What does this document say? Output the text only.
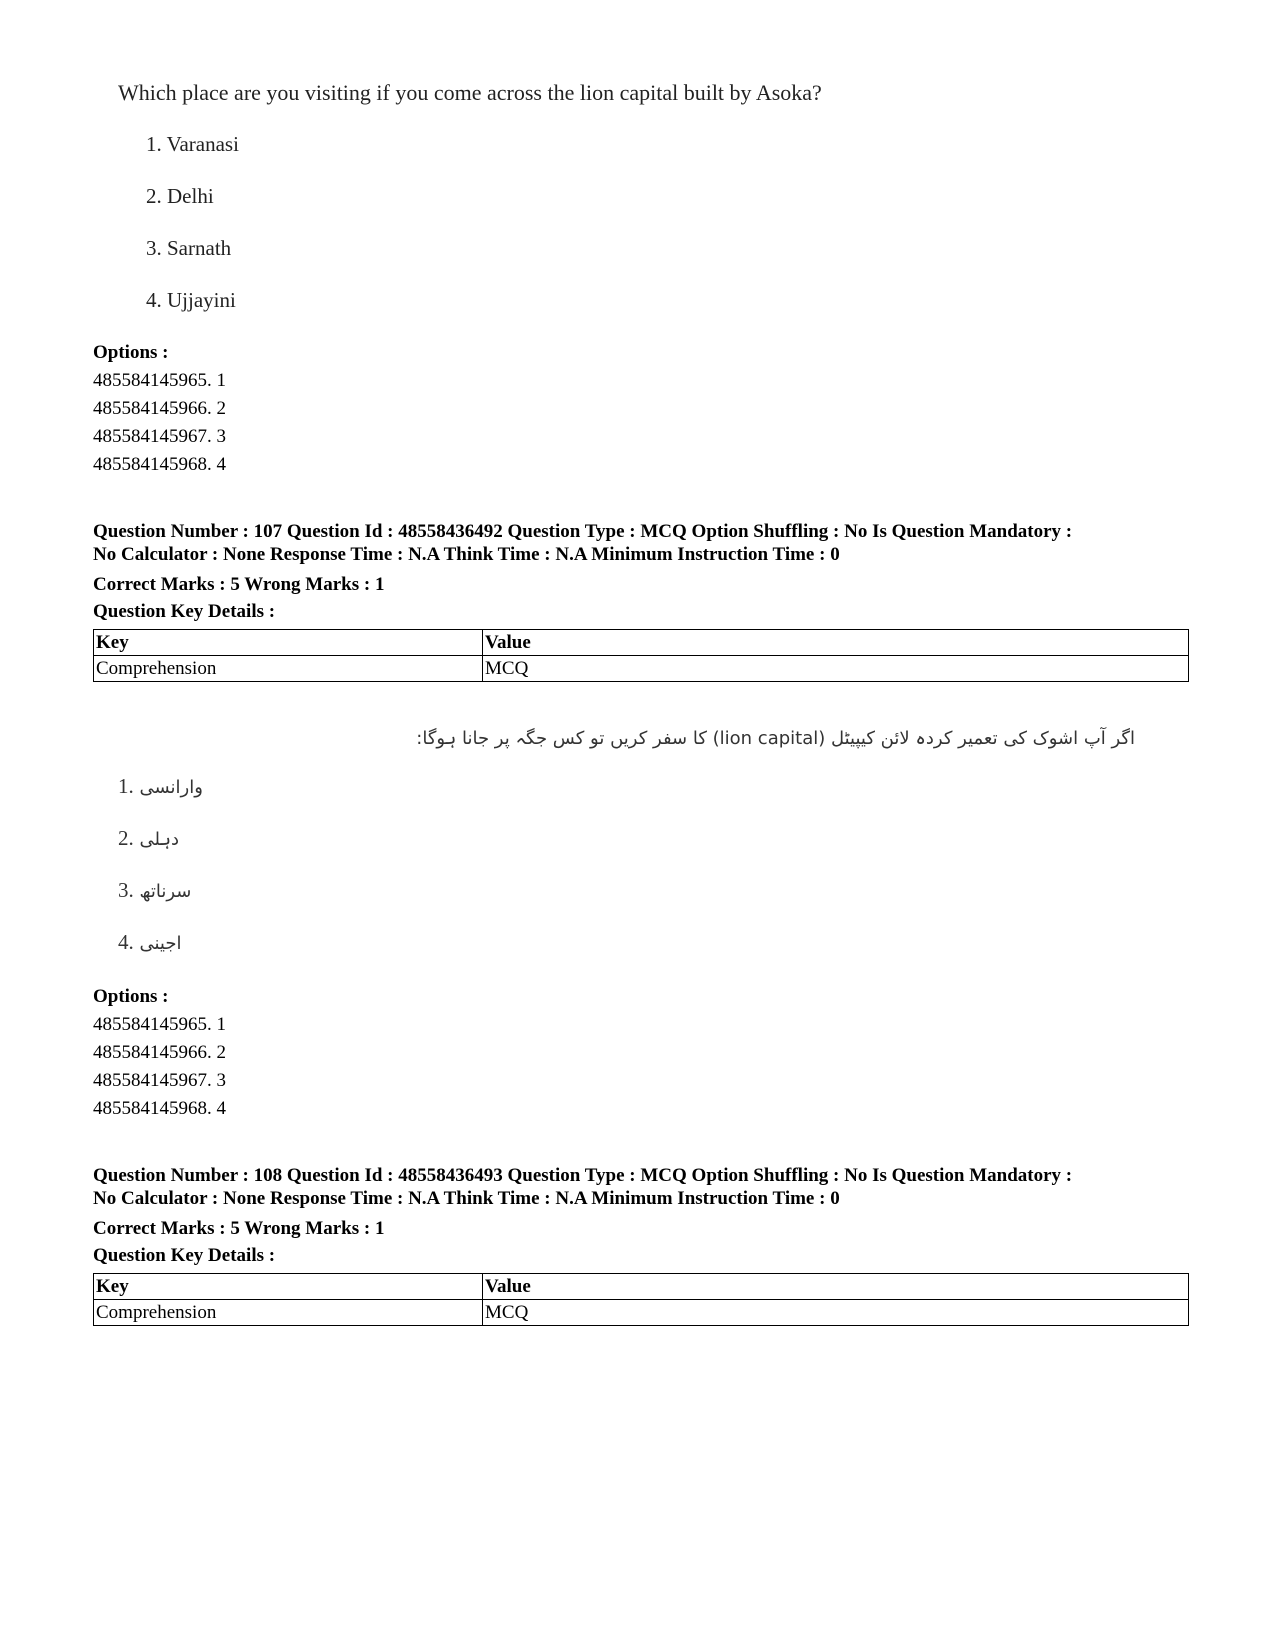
Which place are you visiting if you come across the lion capital built by Asoka?
1. Varanasi
2. Delhi
3. Sarnath
4. Ujjayini
Options :
485584145965. 1
485584145966. 2
485584145967. 3
485584145968. 4
Question Number : 107 Question Id : 48558436492 Question Type : MCQ Option Shuffling : No Is Question Mandatory :
No Calculator : None Response Time : N.A Think Time : N.A Minimum Instruction Time : 0
Correct Marks : 5 Wrong Marks : 1
Question Key Details :
Key	Value
Comprehension	MCQ
اگر آپ اشوک کی تعمیر کردہ لائن کیپیٹل (lion capital) کا سفر کریں تو کس جگہ پر جانا ہوگا:
1. وارانسی
2. دہلی
3. سرناتھ
4. اجینی
Options :
485584145965. 1
485584145966. 2
485584145967. 3
485584145968. 4
Question Number : 108 Question Id : 48558436493 Question Type : MCQ Option Shuffling : No Is Question Mandatory :
No Calculator : None Response Time : N.A Think Time : N.A Minimum Instruction Time : 0
Correct Marks : 5 Wrong Marks : 1
Question Key Details :
Key	Value
Comprehension	MCQ
